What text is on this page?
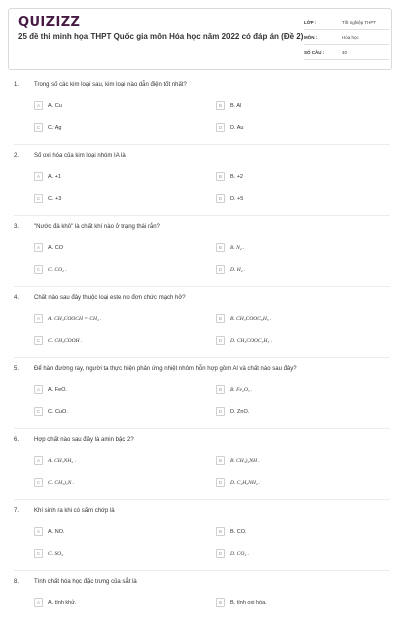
QUIZIZZ
25 đề thi minh họa THPT Quốc gia môn Hóa học năm 2022 có đáp án (Đề 2)
LỚP :	Tốt nghiệp THPT
MÔN :	Hóa học
SỐ CÂU :	40
1.	Trong số các kim loại sau, kim loại nào dẫn điện tốt nhất?
A	A. Cu	B	B. Al
C	C. Ag	D	D. Au
2.	Số oxi hóa của kim loại nhóm IA là
A	A. +1	B	B. +2
C	C. +3	D	D. +5
3.	"Nước đá khô" là chất khí nào ở trạng thái rắn?
A	A. CO	B	B. N₂ .
C	C. CO₂ .	D	D. H₂ .
4.	Chất nào sau đây thuộc loại este no đơn chức mạch hở?
A	A. CH₃COOCH = CH₂ .	B	B. CH₃COOC₆H₅ .
C	C. CH₃COOH .	D	D. CH₃COOC₂H₅ .
5.	Để hàn đường ray, người ta thực hiện phản ứng nhiệt nhôm hỗn hợp gồm Al và chất nào sau đây?
A	A. FeO.	B	B. Fe₂O₃ .
C	C. CuO.	D	D. ZnO.
6.	Hợp chất nào sau đây là amin bậc 2?
A	A. CH₃NH₂ .	B	B. CH₃)₂NH .
C	C. CH₃)₃N .	D	D. C₂H₅NH₂ .
7.	Khí sinh ra khi có sấm chớp là
A	A. NO.	B	B. CO.
C	C. SO₂	D	D. CO₂ .
8.	Tính chất hóa học đặc trưng của sắt là
A	A. tính khử.	B	B. tính oxi hóa.
